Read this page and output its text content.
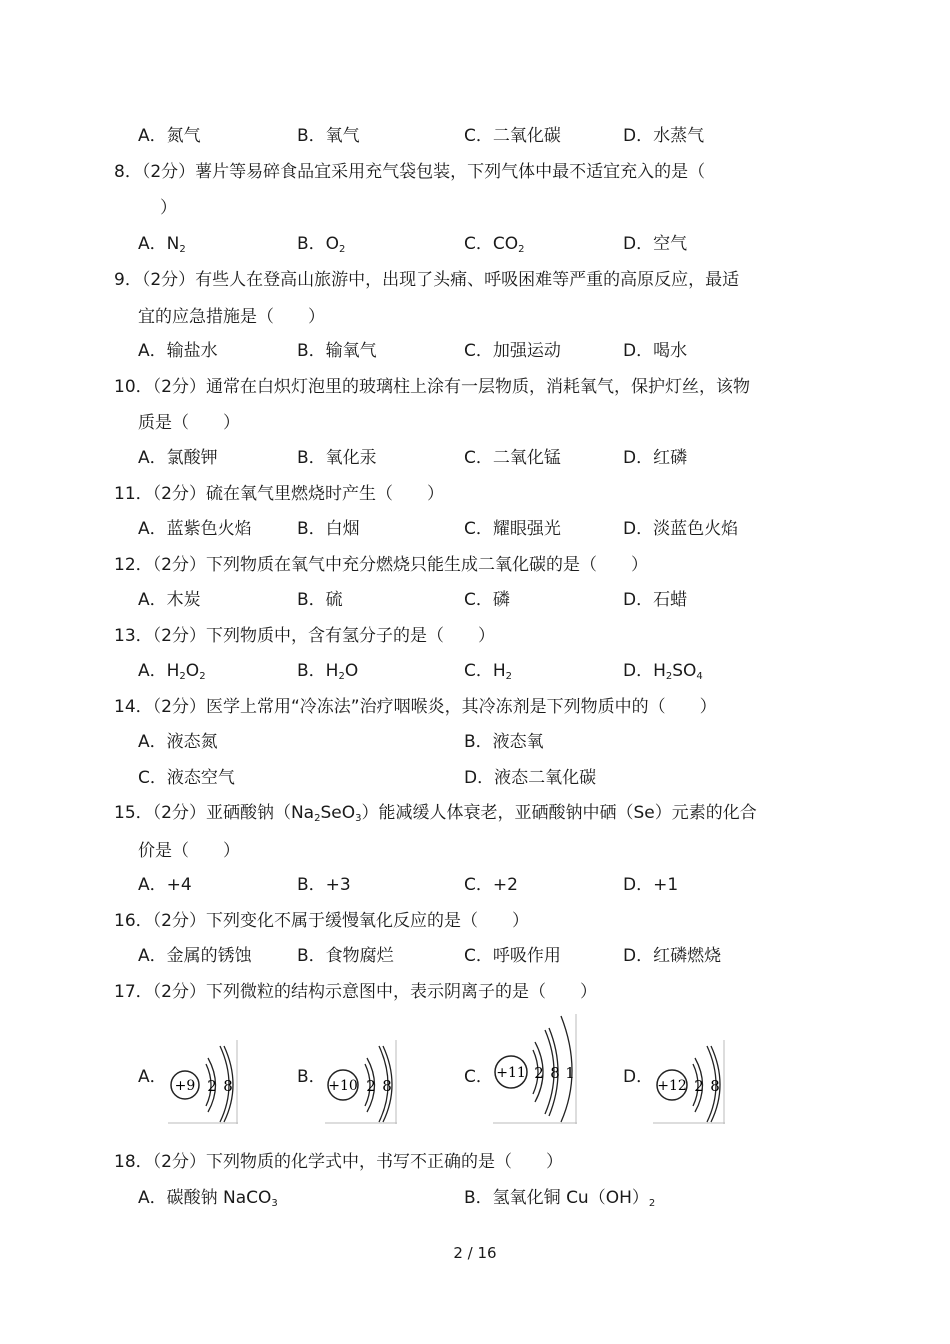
A．氮气	B．氧气	C．二氧化碳	D．水蒸气
8．（2分）薯片等易碎食品宜采用充气袋包装，下列气体中最不适宜充入的是（
）
A．$N_2$	B．$O_2$	C．$CO_2$	D．空气
9．（2分）有些人在登高山旅游中，出现了头痛、呼吸困难等严重的高原反应，最适
宜的应急措施是（　　）
A．输盐水	B．输氧气	C．加强运动	D．喝水
10．（2分）通常在白炽灯泡里的玻璃柱上涂有一层物质，消耗氧气，保护灯丝，该物
质是（　　）
A．氯酸钾	B．氧化汞	C．二氧化锰	D．红磷
11．（2分）硫在氧气里燃烧时产生（　　）
A．蓝紫色火焰	B．白烟	C．耀眼强光	D．淡蓝色火焰
12．（2分）下列物质在氧气中充分燃烧只能生成二氧化碳的是（　　）
A．木炭	B．硫	C．磷	D．石蜡
13．（2分）下列物质中，含有氢分子的是（　　）
A．$H_2O_2$	B．$H_2O$	C．$H_2$	D．$H_2SO_4$
14．（2分）医学上常用“冷冻法”治疗咽喉炎，其冷冻剂是下列物质中的（　　）
A．液态氮	B．液态氧
C．液态空气	D．液态二氧化碳
15．（2分）亚硒酸钠$(Na_2SeO_3)$能减缓人体衰老，亚硒酸钠中硒（Se）元素的化合
价是（　　）
A．+4	B．+3	C．+2	D．+1
16．（2分）下列变化不属于缓慢氧化反应的是（　　）
A．金属的锈蚀	B．食物腐烂	C．呼吸作用	D．红磷燃烧
17．（2分）下列微粒的结构示意图中，表示阴离子的是（　　）
A． +9 2 8	B． +10 2 8	C． +11 2 8 1	D． +12 2 8
18．（2分）下列物质的化学式中，书写不正确的是（　　）
A．碳酸钠 NaCO$_3$	B．氢氧化铜 $Cu(OH)_2$
2 / 16
